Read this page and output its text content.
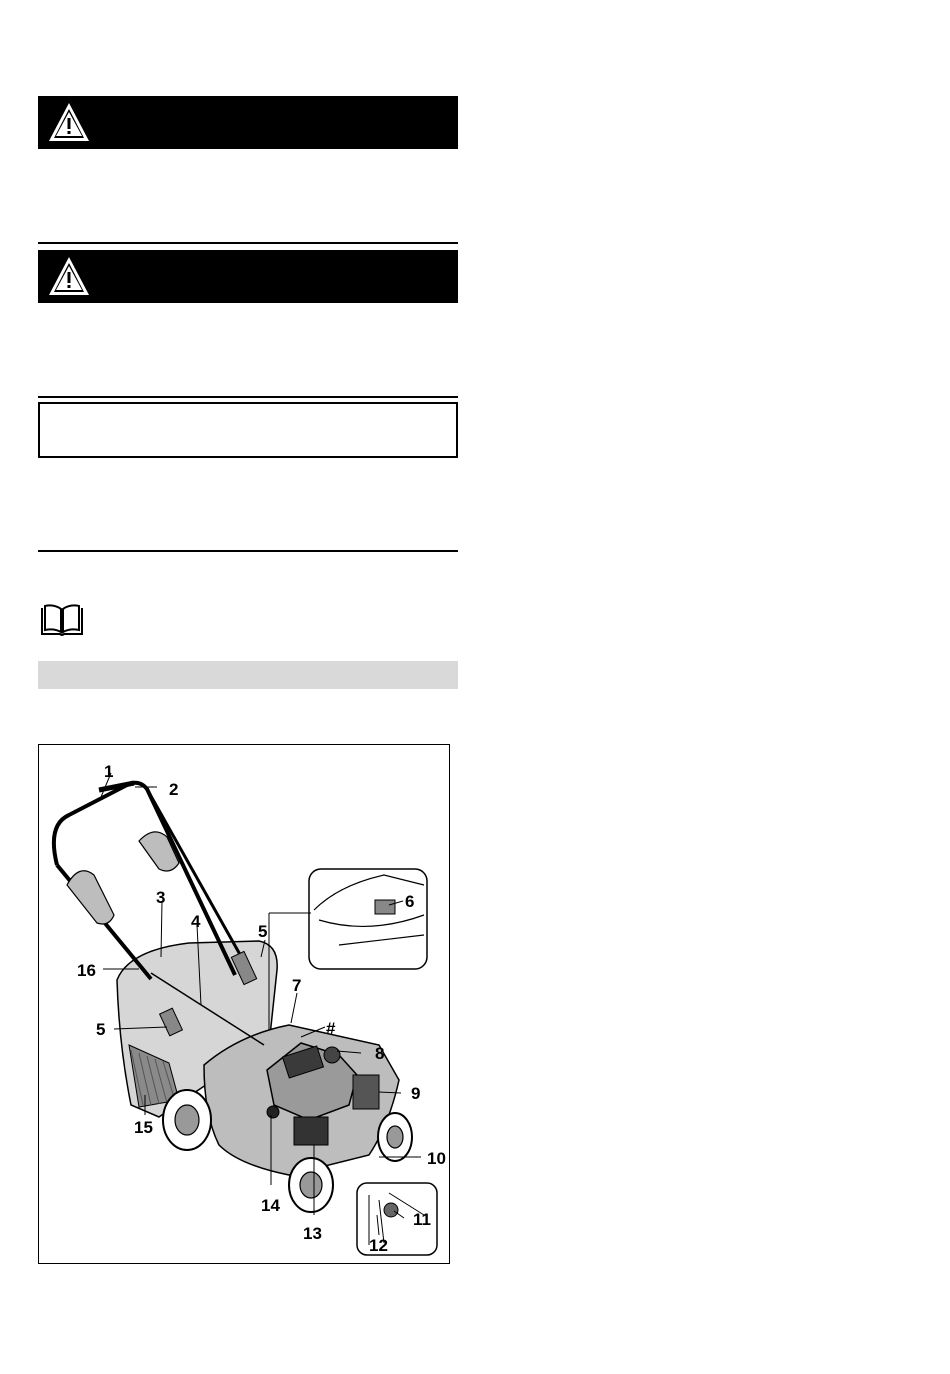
1
2
3
4
5
16
5
7
#
6
8
9
10
11
12
13
14
15
